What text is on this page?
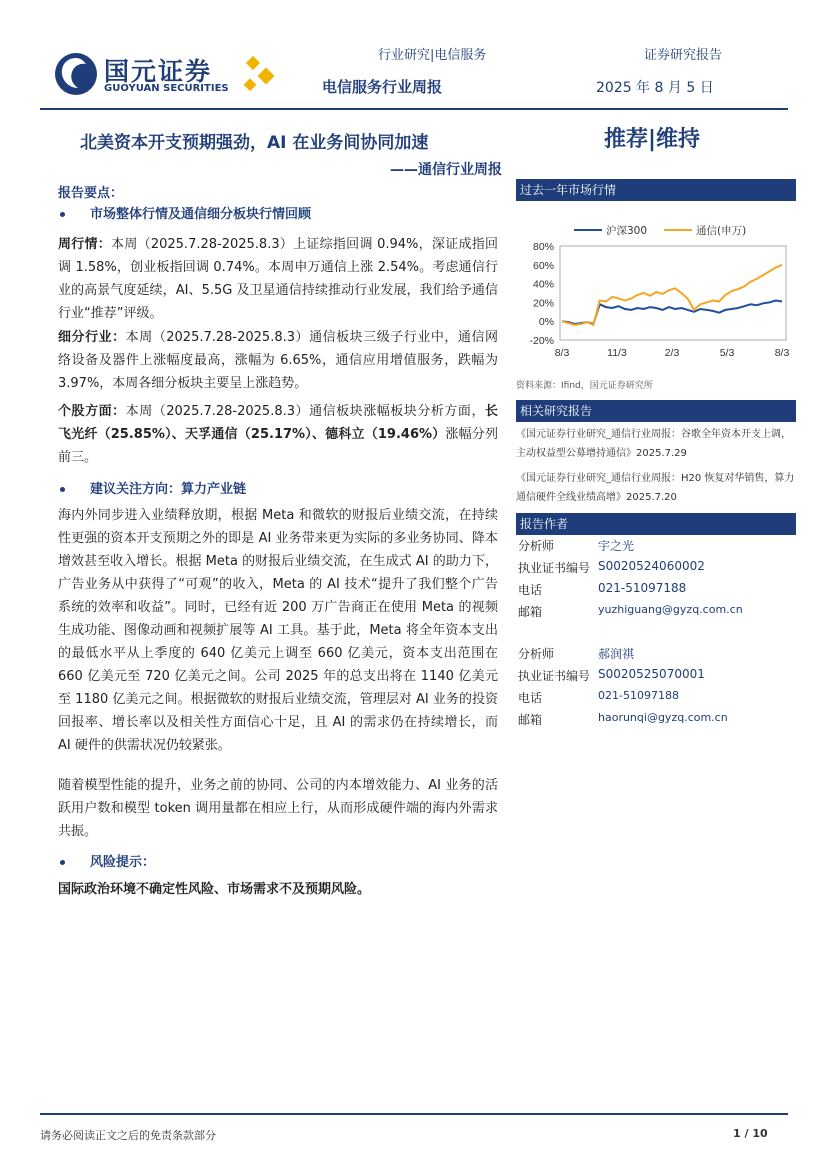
国元证券
GUOYUAN SECURITIES
行业研究|电信服务	证券研究报告
电信服务行业周报	2025 年 8 月 5 日
北美资本开支预期强劲，AI 在业务间协同加速
——通信行业周报
推荐|维持
报告要点：
市场整体行情及通信细分板块行情回顾
周行情：本周（2025.7.28-2025.8.3）上证综指回调 0.94%，深证成指回调 1.58%，创业板指回调 0.74%。本周申万通信上涨 2.54%。考虑通信行业的高景气度延续，AI、5.5G 及卫星通信持续推动行业发展，我们给予通信行业“推荐”评级。
细分行业：本周（2025.7.28-2025.8.3）通信板块三级子行业中，通信网络设备及器件上涨幅度最高，涨幅为 6.65%，通信应用增值服务，跌幅为 3.97%，本周各细分板块主要呈上涨趋势。
个股方面：本周（2025.7.28-2025.8.3）通信板块涨幅板块分析方面，长飞光纤（25.85%）、天孚通信（25.17%）、德科立（19.46%）涨幅分列前三。
建议关注方向：算力产业链
海内外同步进入业绩释放期，根据 Meta 和微软的财报后业绩交流，在持续性更强的资本开支预期之外的即是 AI 业务带来更为实际的多业务协同、降本增效甚至收入增长。根据 Meta 的财报后业绩交流，在生成式 AI 的助力下，广告业务从中获得了“可观”的收入，Meta 的 AI 技术“提升了我们整个广告系统的效率和收益”。同时，已经有近 200 万广告商正在使用 Meta 的视频生成功能、图像动画和视频扩展等 AI 工具。基于此，Meta 将全年资本支出的最低水平从上季度的 640 亿美元上调至 660 亿美元，资本支出范围在 660 亿美元至 720 亿美元之间。公司 2025 年的总支出将在 1140 亿美元至 1180 亿美元之间。根据微软的财报后业绩交流，管理层对 AI 业务的投资回报率、增长率以及相关性方面信心十足，且 AI 的需求仍在持续增长，而 AI 硬件的供需状况仍较紧张。
随着模型性能的提升，业务之前的协同、公司的内本增效能力、AI 业务的活跃用户数和模型 token 调用量都在相应上行，从而形成硬件端的海内外需求共振。
风险提示：
国际政治环境不确定性风险、市场需求不及预期风险。
过去一年市场行情
80%
60%
40%
20%
0%
-20%
8/3	11/3	2/3	5/3	8/3
沪深300	通信(申万)
资料来源：Ifind，国元证券研究所
相关研究报告
《国元证券行业研究_通信行业周报：谷歌全年资本开支上调，主动权益型公募增持通信》2025.7.29
《国元证券行业研究_通信行业周报：H20 恢复对华销售，算力通信硬件全线业绩高增》2025.7.20
报告作者
分析师	宇之光
执业证书编号 S0020524060002
电话	021-51097188
邮箱	yuzhiguang@gyzq.com.cn
分析师	郝润祺
执业证书编号 S0020525070001
电话	021-51097188
邮箱	haorunqi@gyzq.com.cn
请务必阅读正文之后的免责条款部分	1 / 10
